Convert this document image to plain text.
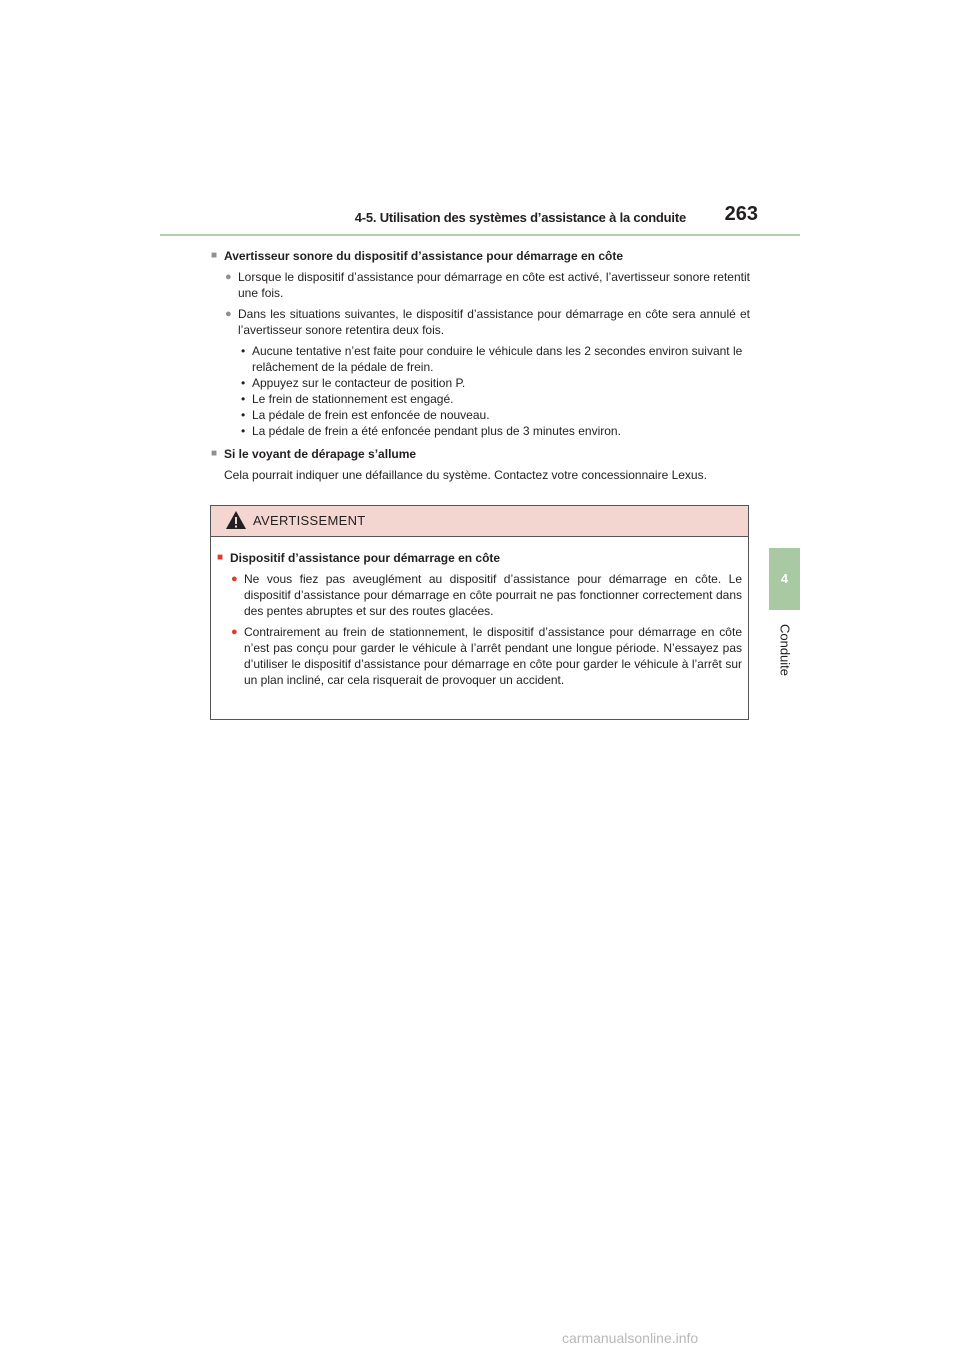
4-5. Utilisation des systèmes d’assistance à la conduite 263
4
Conduite
■ Avertisseur sonore du dispositif d’assistance pour démarrage en côte
● Lorsque le dispositif d’assistance pour démarrage en côte est activé, l’avertisseur sonore retentit une fois.
● Dans les situations suivantes, le dispositif d’assistance pour démarrage en côte sera annulé et l’avertisseur sonore retentira deux fois.
• Aucune tentative n’est faite pour conduire le véhicule dans les 2 secondes environ suivant le relâchement de la pédale de frein.
• Appuyez sur le contacteur de position P.
• Le frein de stationnement est engagé.
• La pédale de frein est enfoncée de nouveau.
• La pédale de frein a été enfoncée pendant plus de 3 minutes environ.
■ Si le voyant de dérapage s’allume
Cela pourrait indiquer une défaillance du système. Contactez votre concessionnaire Lexus.
AVERTISSEMENT
■ Dispositif d’assistance pour démarrage en côte
● Ne vous fiez pas aveuglément au dispositif d’assistance pour démarrage en côte. Le dispositif d’assistance pour démarrage en côte pourrait ne pas fonctionner correctement dans des pentes abruptes et sur des routes glacées.
● Contrairement au frein de stationnement, le dispositif d’assistance pour démarrage en côte n’est pas conçu pour garder le véhicule à l’arrêt pendant une longue période. N’essayez pas d’utiliser le dispositif d’assistance pour démarrage en côte pour garder le véhicule à l’arrêt sur un plan incliné, car cela risquerait de provoquer un accident.
carmanualsonline.info
